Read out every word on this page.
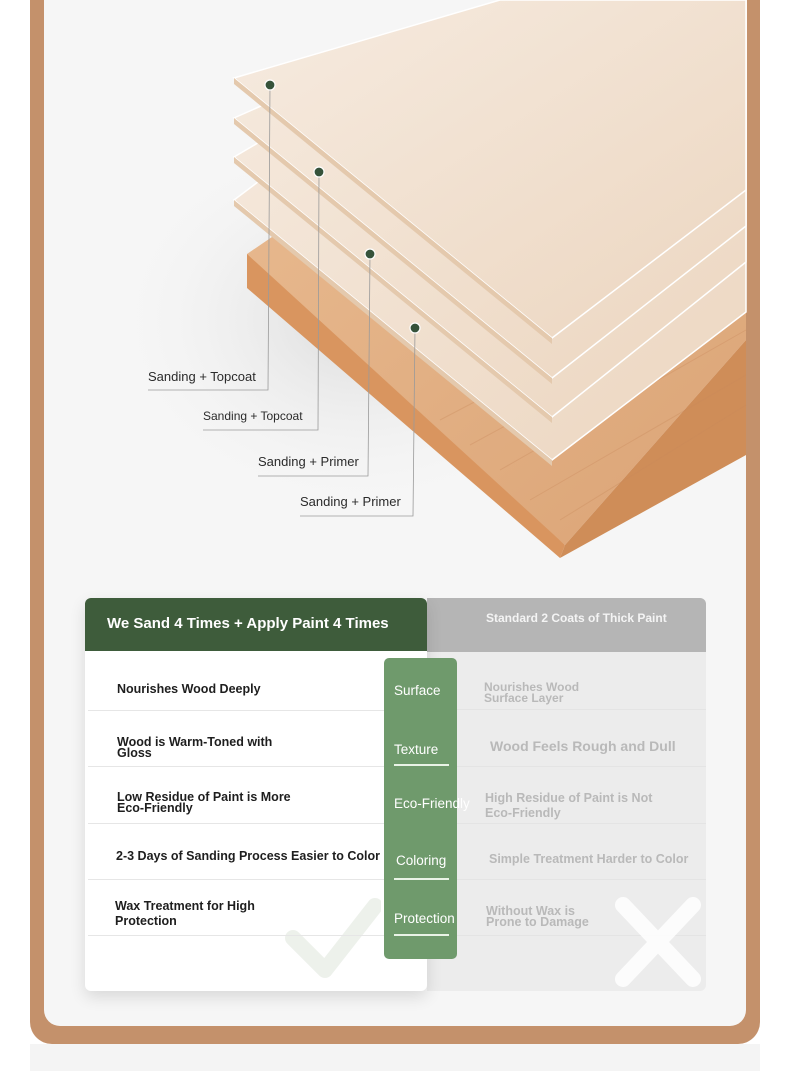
Sanding + Topcoat
Sanding + Topcoat
Sanding + Primer
Sanding + Primer
Standard 2 Coats of Thick Paint
Nourishes Wood Surface Layer
Wood Feels Rough and Dull
High Residue of Paint is Not Eco-Friendly
Simple Treatment Harder to Color
Without Wax is Prone to Damage
We Sand 4 Times + Apply Paint 4 Times
Nourishes Wood Deeply
Wood is Warm-Toned with Gloss
Low Residue of Paint is More Eco-Friendly
2-3 Days of Sanding Process Easier to Color
Wax Treatment for High Protection
Surface
Texture
Eco-Friendly
Coloring
Protection
